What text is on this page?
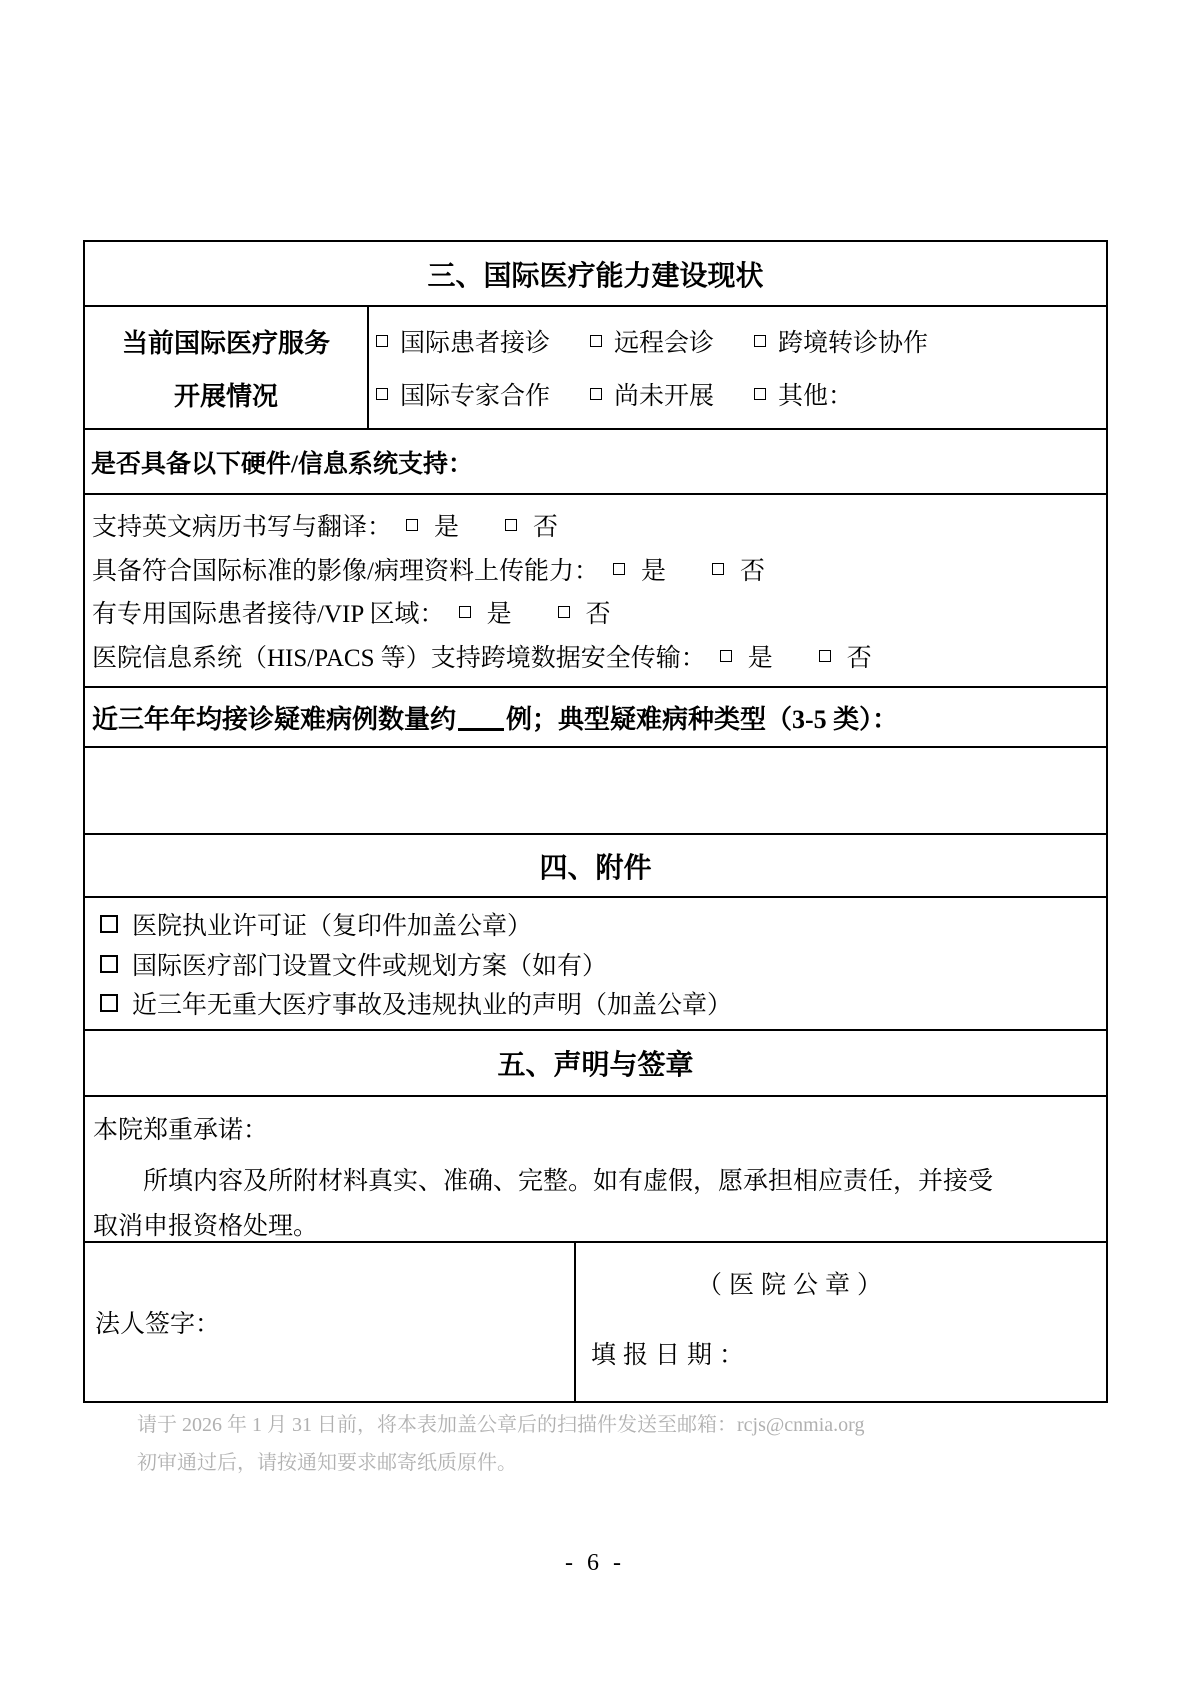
三、国际医疗能力建设现状
当前国际医疗服务
开展情况
国际患者接诊	远程会诊	跨境转诊协作
国际专家合作	尚未开展	其他：
是否具备以下硬件/信息系统支持：
支持英文病历书写与翻译： 是	否
具备符合国际标准的影像/病理资料上传能力： 是	否
有专用国际患者接待/VIP 区域： 是	否
医院信息系统（HIS/PACS 等）支持跨境数据安全传输： 是	否
近三年年均接诊疑难病例数量约 例；典型疑难病种类型（3-5 类）：
四、附件
医院执业许可证（复印件加盖公章）
国际医疗部门设置文件或规划方案（如有）
近三年无重大医疗事故及违规执业的声明（加盖公章）
五、声明与签章
本院郑重承诺：

所填内容及所附材料真实、准确、完整。如有虚假，愿承担相应责任，并接受取消申报资格处理。

法人签字：
（医院公章）
填报日期：
请于 2026 年 1 月 31 日前，将本表加盖公章后的扫描件发送至邮箱：rcjs@cnmia.org
初审通过后，请按通知要求邮寄纸质原件。
- 6 -
